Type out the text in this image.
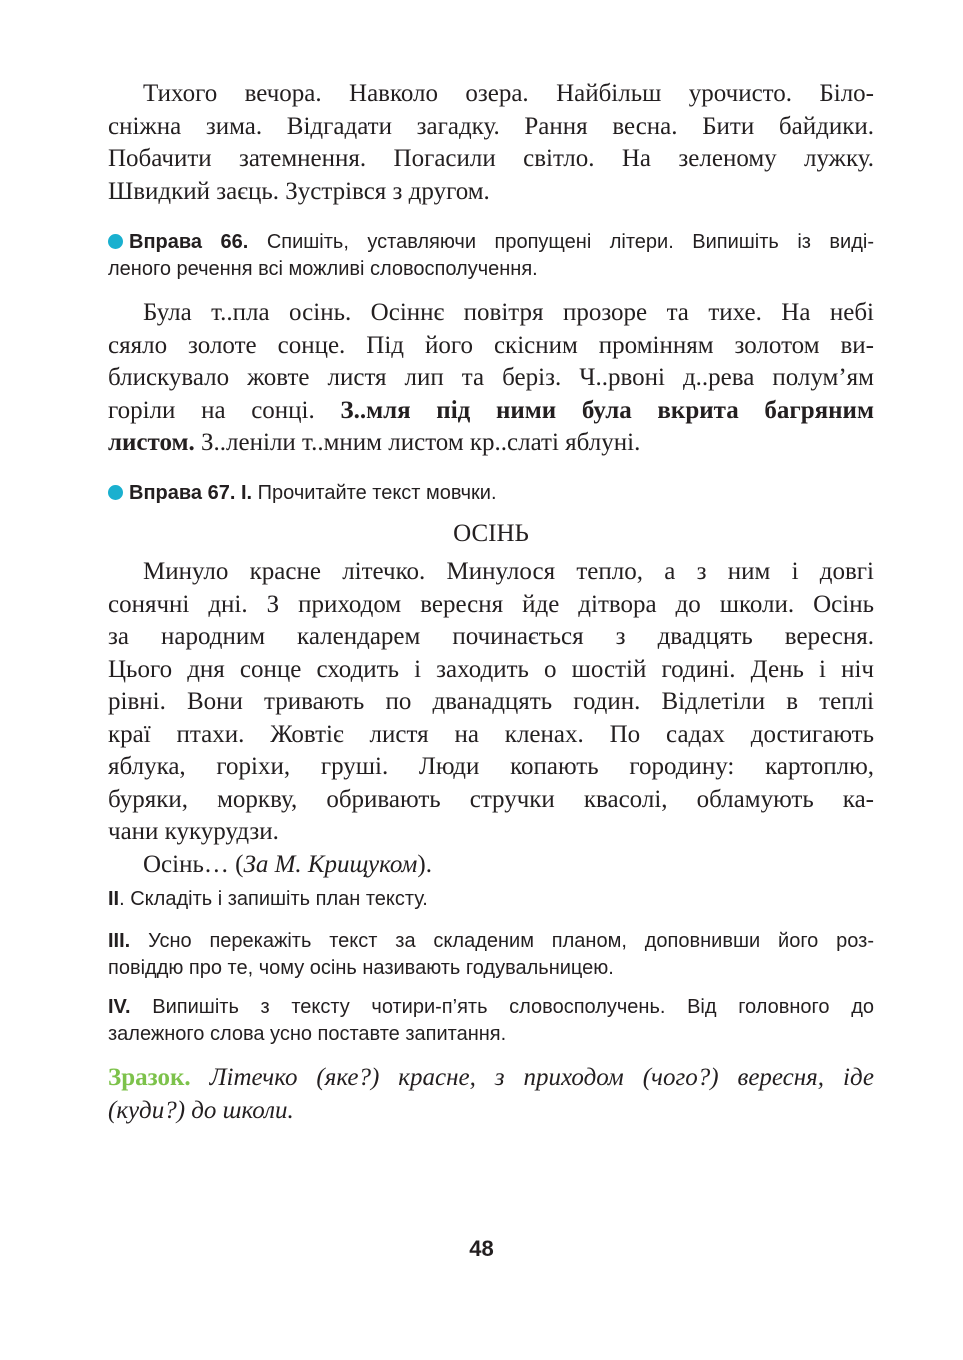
Тихого вечора. Навколо озера. Найбільш урочисто. Біло-
сніжна зима. Відгадати загадку. Рання весна. Бити байдики.
Побачити затемнення. Погасили світло. На зеленому лужку.
Швидкий заєць. Зустрівся з другом.
Вправа 66. Спишіть, уставляючи пропущені літери. Випишіть із виді-
леного речення всі можливі словосполучення.
Була т..пла осінь. Осіннє повітря прозоре та тихе. На небі
сяяло золоте сонце. Під його скісним промінням золотом ви-
блискувало жовте листя лип та беріз. Ч..рвоні д..рева полум’ям
горіли на сонці. З..мля під ними була вкрита багряним
листом. З..леніли т..мним листом кр..слаті яблуні.
Вправа 67. I. Прочитайте текст мовчки.
ОСІНЬ
Минуло красне літечко. Минулося тепло, а з ним і довгі
сонячні дні. З приходом вересня йде дітвора до школи. Осінь
за народним календарем починається з двадцять вересня.
Цього дня сонце сходить і заходить о шостій годині. День і ніч
рівні. Вони тривають по дванадцять годин. Відлетіли в теплі
краї птахи. Жовтіє листя на кленах. По садах достигають
яблука, горіхи, груші. Люди копають городину: картоплю,
буряки, моркву, обривають стручки квасолі, обламують ка-
чани кукурудзи.
Осінь… (За М. Крищуком).
II. Складіть і запишіть план тексту.
III. Усно перекажіть текст за складеним планом, доповнивши його роз-
повіддю про те, чому осінь називають годувальницею.
IV. Випишіть з тексту чотири-п’ять словосполучень. Від головного до
залежного слова усно поставте запитання.
Зразок. Літечко (яке?) красне, з приходом (чого?) вересня, іде
(куди?) до школи.
48
